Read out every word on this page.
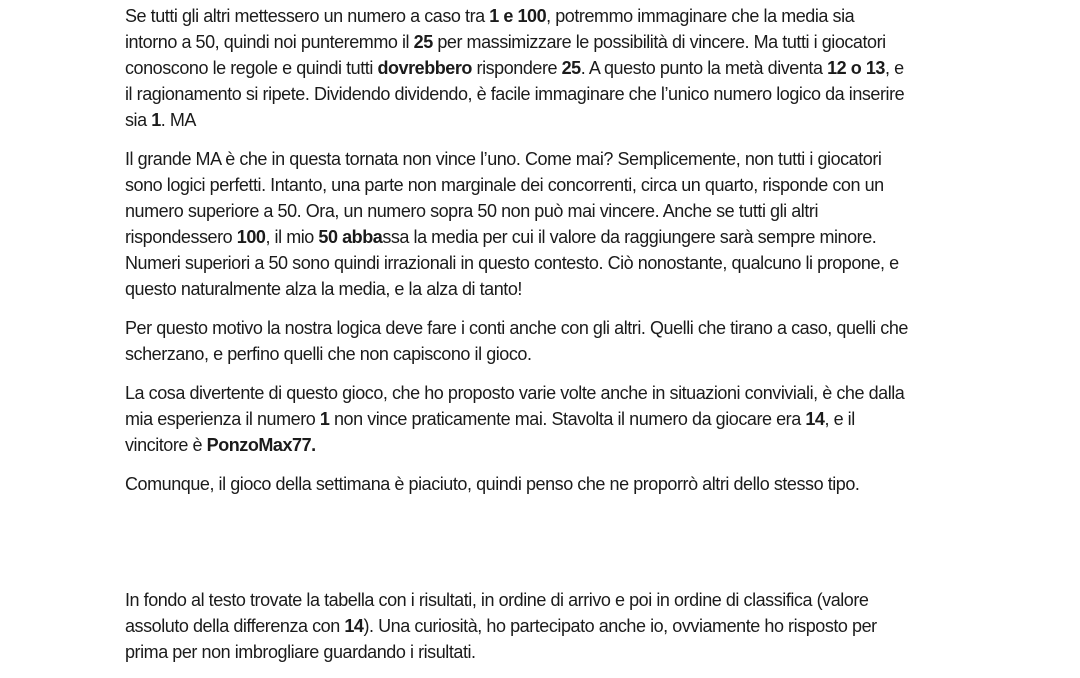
Se tutti gli altri mettessero un numero a caso tra 1 e 100, potremmo immaginare che la media sia
intorno a 50, quindi noi punteremmo il 25 per massimizzare le possibilità di vincere. Ma tutti i giocatori
conoscono le regole e quindi tutti dovrebbero rispondere 25. A questo punto la metà diventa 12 o 13, e
il ragionamento si ripete. Dividendo dividendo, è facile immaginare che l’unico numero logico da inserire
sia 1. MA
Il grande MA è che in questa tornata non vince l’uno. Come mai? Semplicemente, non tutti i giocatori
sono logici perfetti. Intanto, una parte non marginale dei concorrenti, circa un quarto, risponde con un
numero superiore a 50. Ora, un numero sopra 50 non può mai vincere. Anche se tutti gli altri
rispondessero 100, il mio 50 abbassa la media per cui il valore da raggiungere sarà sempre minore.
Numeri superiori a 50 sono quindi irrazionali in questo contesto. Ciò nonostante, qualcuno li propone, e
questo naturalmente alza la media, e la alza di tanto!
Per questo motivo la nostra logica deve fare i conti anche con gli altri. Quelli che tirano a caso, quelli che
scherzano, e perfino quelli che non capiscono il gioco.
La cosa divertente di questo gioco, che ho proposto varie volte anche in situazioni conviviali, è che dalla
mia esperienza il numero 1 non vince praticamente mai. Stavolta il numero da giocare era 14, e il
vincitore è PonzoMax77.
Comunque, il gioco della settimana è piaciuto, quindi penso che ne proporrò altri dello stesso tipo.
In fondo al testo trovate la tabella con i risultati, in ordine di arrivo e poi in ordine di classifica (valore
assoluto della differenza con 14). Una curiosità, ho partecipato anche io, ovviamente ho risposto per
prima per non imbrogliare guardando i risultati.
